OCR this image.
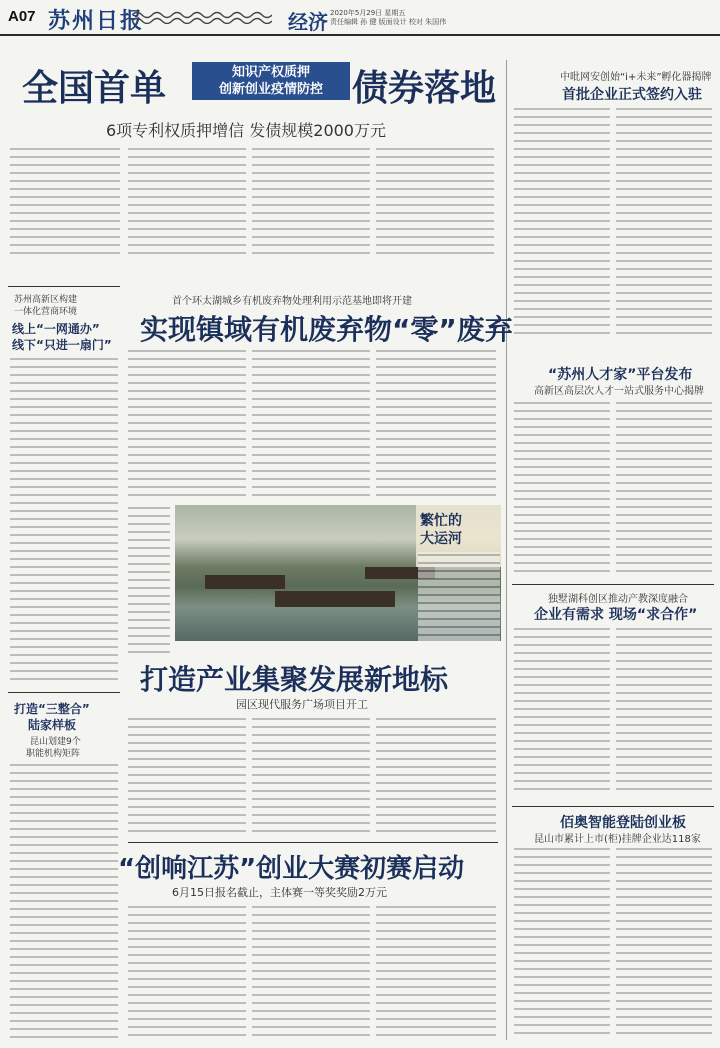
A07 苏州日报	经济 2020年5月29日 星期五
责任编辑 孙 健 版面设计 校对 朱国伟
全国首单	知识产权质押
创新创业疫情防控 债券落地
6项专利权质押增信 发债规模2000万元
中吡网安创始“i+未来”孵化器揭牌
首批企业正式签约入驻
苏州高新区构建
一体化营商环境
线上“一网通办”
线下“只进一扇门”
首个环太湖城乡有机废弃物处理利用示范基地即将开建
实现镇域有机废弃物“零”废弃
繁忙的
大运河
“苏州人才家”平台发布
高新区高层次人才一站式服务中心揭牌
独墅湖科创区推动产教深度融合
企业有需求 现场“求合作”
打造产业集聚发展新地标
园区现代服务广场项目开工
打造“三整合”
陆家样板
昆山划建9个
职能机构矩阵
佰奥智能登陆创业板
昆山市累计上市(柜)挂牌企业达118家
“创响江苏”创业大赛初赛启动
6月15日报名截止，主体赛一等奖奖励2万元
